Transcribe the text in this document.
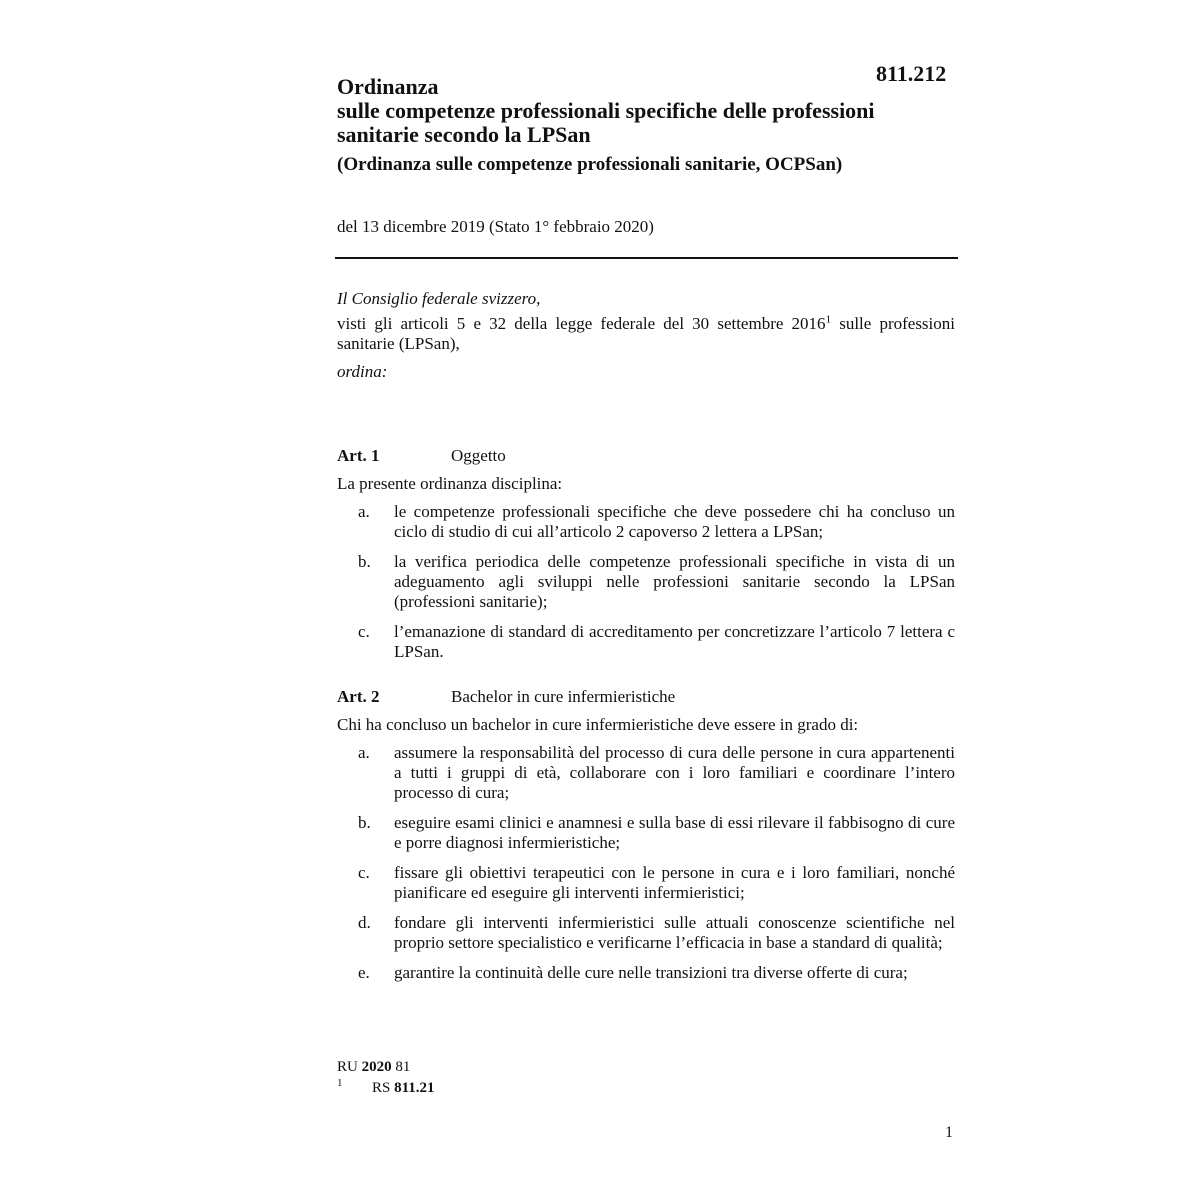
811.212
Ordinanza
sulle competenze professionali specifiche delle professioni
sanitarie secondo la LPSan
(Ordinanza sulle competenze professionali sanitarie, OCPSan)
del 13 dicembre 2019 (Stato 1° febbraio 2020)
Il Consiglio federale svizzero,
visti gli articoli 5 e 32 della legge federale del 30 settembre 2016$^1$ sulle professioni sanitarie (LPSan),
ordina:
Art. 1	Oggetto
La presente ordinanza disciplina:
a. le competenze professionali specifiche che deve possedere chi ha concluso un ciclo di studio di cui all’articolo 2 capoverso 2 lettera a LPSan;
b. la verifica periodica delle competenze professionali specifiche in vista di un adeguamento agli sviluppi nelle professioni sanitarie secondo la LPSan (professioni sanitarie);
c. l’emanazione di standard di accreditamento per concretizzare l’articolo 7 lettera c LPSan.
Art. 2	Bachelor in cure infermieristiche
Chi ha concluso un bachelor in cure infermieristiche deve essere in grado di:
a. assumere la responsabilità del processo di cura delle persone in cura appartenenti a tutti i gruppi di età, collaborare con i loro familiari e coordinare l’intero processo di cura;
b. eseguire esami clinici e anamnesi e sulla base di essi rilevare il fabbisogno di cure e porre diagnosi infermieristiche;
c. fissare gli obiettivi terapeutici con le persone in cura e i loro familiari, nonché pianificare ed eseguire gli interventi infermieristici;
d. fondare gli interventi infermieristici sulle attuali conoscenze scientifiche nel proprio settore specialistico e verificarne l’efficacia in base a standard di qualità;
e. garantire la continuità delle cure nelle transizioni tra diverse offerte di cura;
RU 2020 81
$^1$ RS 811.21
1
